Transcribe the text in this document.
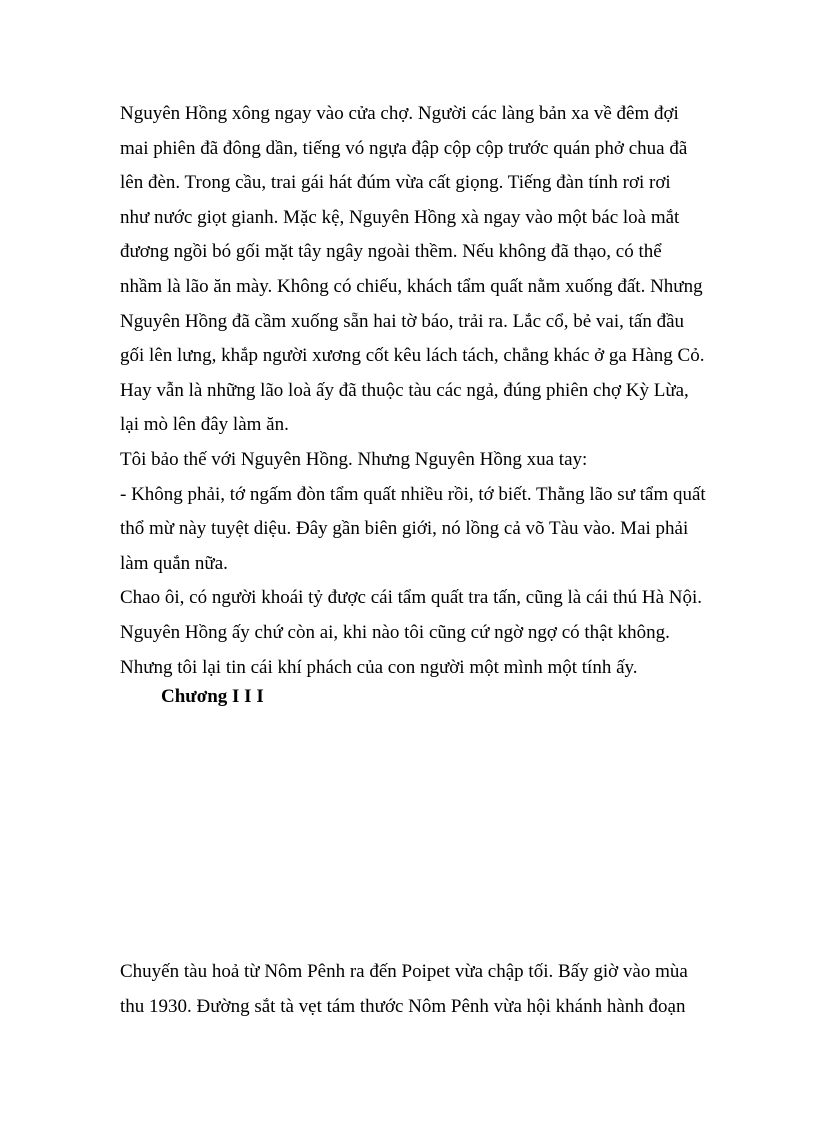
Nguyên Hồng xông ngay vào cửa chợ. Người các làng bản xa về đêm đợi
mai phiên đã đông dần, tiếng vó ngựa đập cộp cộp trước quán phở chua đã
lên đèn. Trong cầu, trai gái hát đúm vừa cất giọng. Tiếng đàn tính rơi rơi
như nước giọt gianh. Mặc kệ, Nguyên Hồng xà ngay vào một bác loà mắt
đương ngồi bó gối mặt tây ngây ngoài thềm. Nếu không đã thạo, có thể
nhầm là lão ăn mày. Không có chiếu, khách tẩm quất nằm xuống đất. Nhưng
Nguyên Hồng đã cầm xuống sẵn hai tờ báo, trải ra. Lắc cổ, bẻ vai, tấn đầu
gối lên lưng, khắp người xương cốt kêu lách tách, chẳng khác ở ga Hàng Cỏ.
Hay vẫn là những lão loà ấy đã thuộc tàu các ngả, đúng phiên chợ Kỳ Lừa,
lại mò lên đây làm ăn.
Tôi bảo thế với Nguyên Hồng. Nhưng Nguyên Hồng xua tay:
- Không phải, tớ ngấm đòn tẩm quất nhiều rồi, tớ biết. Thằng lão sư tẩm quất
thổ mừ này tuyệt diệu. Đây gần biên giới, nó lồng cả võ Tàu vào. Mai phải
làm quắn nữa.
Chao ôi, có người khoái tỷ được cái tẩm quất tra tấn, cũng là cái thú Hà Nội.
Nguyên Hồng ấy chứ còn ai, khi nào tôi cũng cứ ngờ ngợ có thật không.
Nhưng tôi lại tin cái khí phách của con người một mình một tính ấy.
Chương I I I
Chuyến tàu hoả từ Nôm Pênh ra đến Poipet vừa chập tối. Bấy giờ vào mùa
thu 1930. Đường sắt tà vẹt tám thước Nôm Pênh vừa hội khánh hành đoạn
